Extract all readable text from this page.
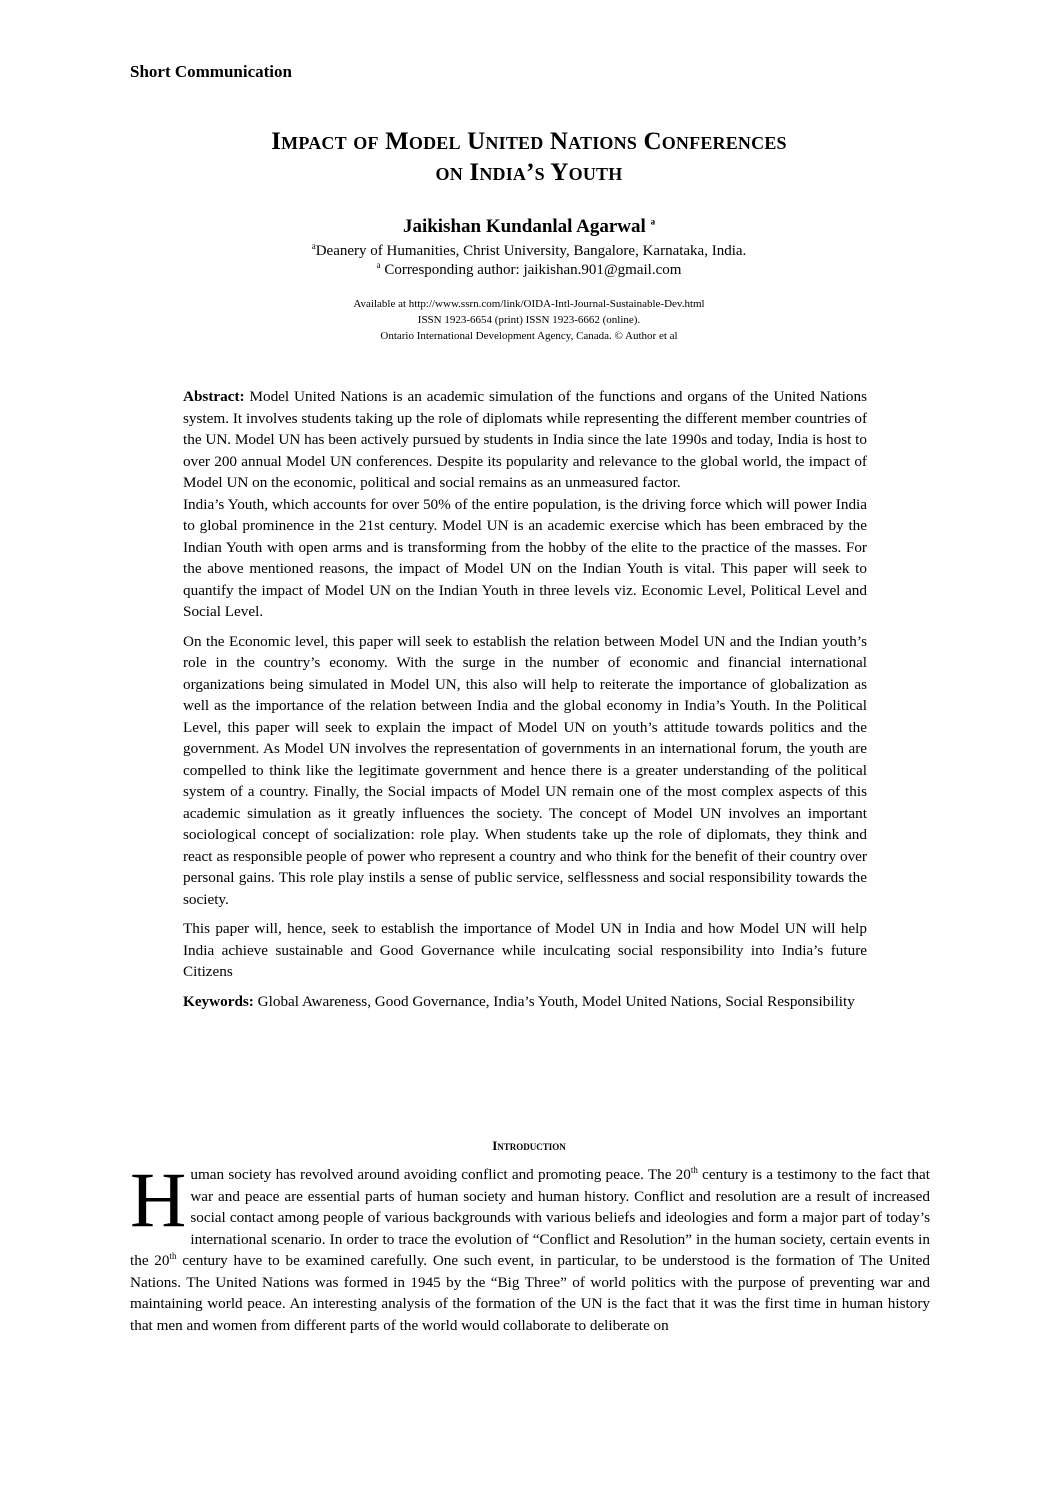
Short Communication
Impact of Model United Nations Conferences
on India’s Youth
Jaikishan Kundanlal Agarwal $^a$
$^a$Deanery of Humanities, Christ University, Bangalore, Karnataka, India.
$^a$ Corresponding author: jaikishan.901@gmail.com
Available at http://www.ssrn.com/link/OIDA-Intl-Journal-Sustainable-Dev.html
ISSN 1923-6654 (print) ISSN 1923-6662 (online).
Ontario International Development Agency, Canada. © Author et al

Abstract: Model United Nations is an academic simulation of the functions and organs of the United Nations system. It involves students taking up the role of diplomats while representing the different member countries of the UN. Model UN has been actively pursued by students in India since the late 1990s and today, India is host to over 200 annual Model UN conferences. Despite its popularity and relevance to the global world, the impact of Model UN on the economic, political and social remains as an unmeasured factor.

India’s Youth, which accounts for over 50% of the entire population, is the driving force which will power India to global prominence in the 21st century. Model UN is an academic exercise which has been embraced by the Indian Youth with open arms and is transforming from the hobby of the elite to the practice of the masses. For the above mentioned reasons, the impact of Model UN on the Indian Youth is vital. This paper will seek to quantify the impact of Model UN on the Indian Youth in three levels viz. Economic Level, Political Level and Social Level.

On the Economic level, this paper will seek to establish the relation between Model UN and the Indian youth’s role in the country’s economy. With the surge in the number of economic and financial international organizations being simulated in Model UN, this also will help to reiterate the importance of globalization as well as the importance of the relation between India and the global economy in India’s Youth. In the Political Level, this paper will seek to explain the impact of Model UN on youth’s attitude towards politics and the government. As Model UN involves the representation of governments in an international forum, the youth are compelled to think like the legitimate government and hence there is a greater understanding of the political system of a country. Finally, the Social impacts of Model UN remain one of the most complex aspects of this academic simulation as it greatly influences the society. The concept of Model UN involves an important sociological concept of socialization: role play. When students take up the role of diplomats, they think and react as responsible people of power who represent a country and who think for the benefit of their country over personal gains. This role play instils a sense of public service, selflessness and social responsibility towards the society.

This paper will, hence, seek to establish the importance of Model UN in India and how Model UN will help India achieve sustainable and Good Governance while inculcating social responsibility into India’s future Citizens

Keywords: Global Awareness, Good Governance, India’s Youth, Model United Nations, Social Responsibility

Introduction

Human society has revolved around avoiding conflict and promoting peace. The 20th century is a testimony to the fact that war and peace are essential parts of human society and human history. Conflict and resolution are a result of increased social contact among people of various backgrounds with various beliefs and ideologies and form a major part of today’s international scenario. In order to trace the evolution of “Conflict and Resolution” in the human society, certain events in the 20th century have to be examined carefully. One such event, in particular, to be understood is the formation of The United Nations. The United Nations was formed in 1945 by the “Big Three” of world politics with the purpose of preventing war and maintaining world peace. An interesting analysis of the formation of the UN is the fact that it was the first time in human history that men and women from different parts of the world would collaborate to deliberate on
